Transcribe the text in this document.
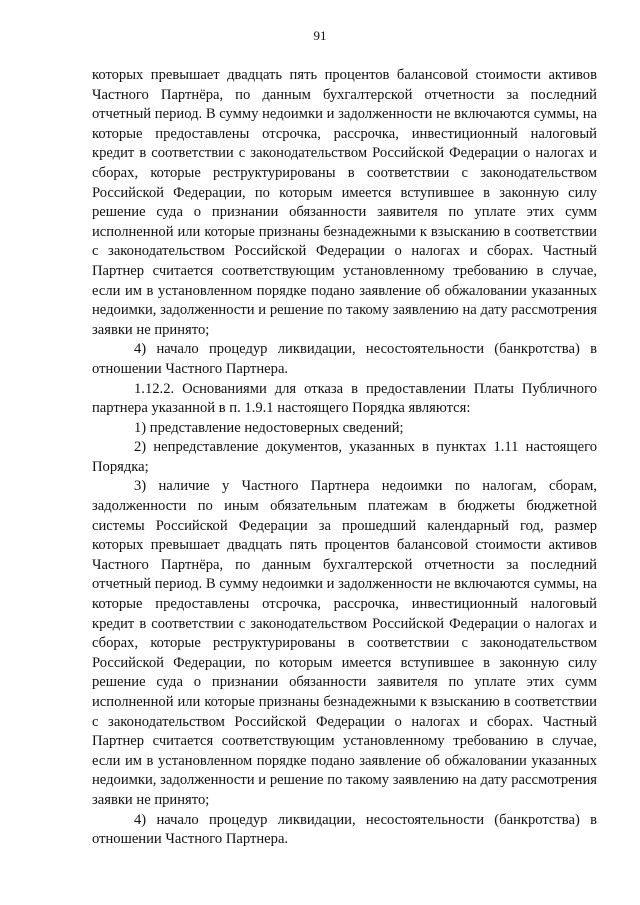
91

которых превышает двадцать пять процентов балансовой стоимости активов Частного Партнёра, по данным бухгалтерской отчетности за последний отчетный период. В сумму недоимки и задолженности не включаются суммы, на которые предоставлены отсрочка, рассрочка, инвестиционный налоговый кредит в соответствии с законодательством Российской Федерации о налогах и сборах, которые реструктурированы в соответствии с законодательством Российской Федерации, по которым имеется вступившее в законную силу решение суда о признании обязанности заявителя по уплате этих сумм исполненной или которые признаны безнадежными к взысканию в соответствии с законодательством Российской Федерации о налогах и сборах. Частный Партнер считается соответствующим установленному требованию в случае, если им в установленном порядке подано заявление об обжаловании указанных недоимки, задолженности и решение по такому заявлению на дату рассмотрения заявки не принято;

4) начало процедур ликвидации, несостоятельности (банкротства) в отношении Частного Партнера.

1.12.2. Основаниями для отказа в предоставлении Платы Публичного партнера указанной в п. 1.9.1 настоящего Порядка являются:

1) представление недостоверных сведений;

2) непредставление документов, указанных в пунктах 1.11 настоящего Порядка;

3) наличие у Частного Партнера недоимки по налогам, сборам, задолженности по иным обязательным платежам в бюджеты бюджетной системы Российской Федерации за прошедший календарный год, размер которых превышает двадцать пять процентов балансовой стоимости активов Частного Партнёра, по данным бухгалтерской отчетности за последний отчетный период. В сумму недоимки и задолженности не включаются суммы, на которые предоставлены отсрочка, рассрочка, инвестиционный налоговый кредит в соответствии с законодательством Российской Федерации о налогах и сборах, которые реструктурированы в соответствии с законодательством Российской Федерации, по которым имеется вступившее в законную силу решение суда о признании обязанности заявителя по уплате этих сумм исполненной или которые признаны безнадежными к взысканию в соответствии с законодательством Российской Федерации о налогах и сборах. Частный Партнер считается соответствующим установленному требованию в случае, если им в установленном порядке подано заявление об обжаловании указанных недоимки, задолженности и решение по такому заявлению на дату рассмотрения заявки не принято;

4) начало процедур ликвидации, несостоятельности (банкротства) в отношении Частного Партнера.
